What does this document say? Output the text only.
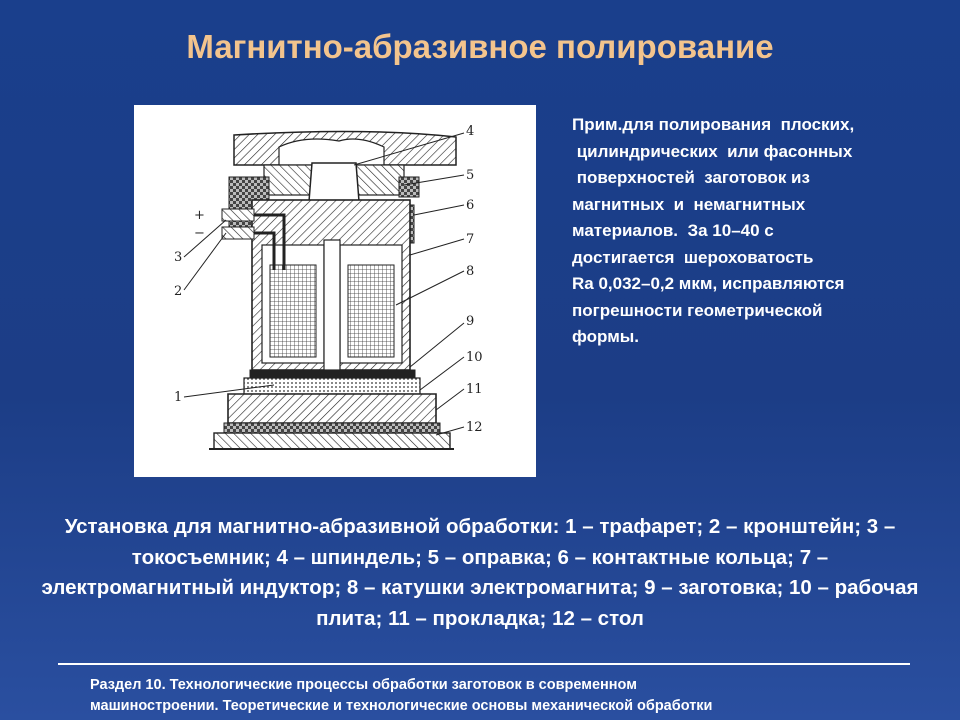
Магнитно-абразивное полирование
4
5
6
7
8
9
10
11
12
1
2
3
+
−
Прим.для полирования  плоских,
цилиндрических  или фасонных
поверхностей  заготовок из
магнитных  и  немагнитных
материалов.  За 10–40 с
достигается  шероховатость
Ra 0,032–0,2 мкм, исправляются
погрешности геометрической
формы.
Установка для магнитно-абразивной обработки: 1 – трафарет; 2 – кронштейн; 3 – токосъемник; 4 – шпиндель; 5 – оправка; 6 – контактные кольца; 7 – электромагнитный индуктор; 8 – катушки электромагнита; 9 – заготовка; 10 – рабочая плита; 11 – прокладка; 12 – стол
Раздел 10. Технологические процессы обработки заготовок в современном
машиностроении. Теоретические и технологические основы механической обработки
